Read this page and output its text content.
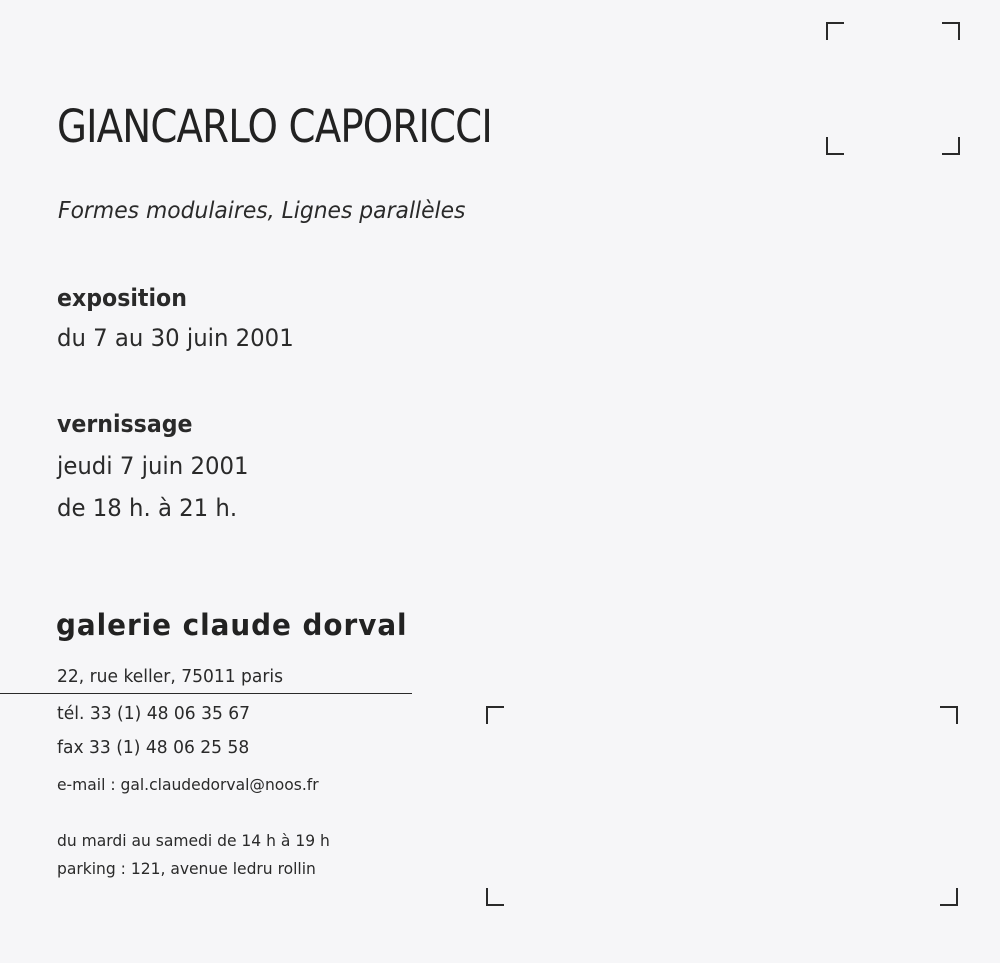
GIANCARLO CAPORICCI
Formes modulaires, Lignes parallèles
exposition
du 7 au 30 juin 2001
vernissage
jeudi 7 juin 2001
de 18 h. à 21 h.
galerie claude dorval
22, rue keller, 75011 paris
tél. 33 (1) 48 06 35 67
fax 33 (1) 48 06 25 58
e-mail : gal.claudedorval@noos.fr
du mardi au samedi de 14 h à 19 h
parking : 121, avenue ledru rollin
